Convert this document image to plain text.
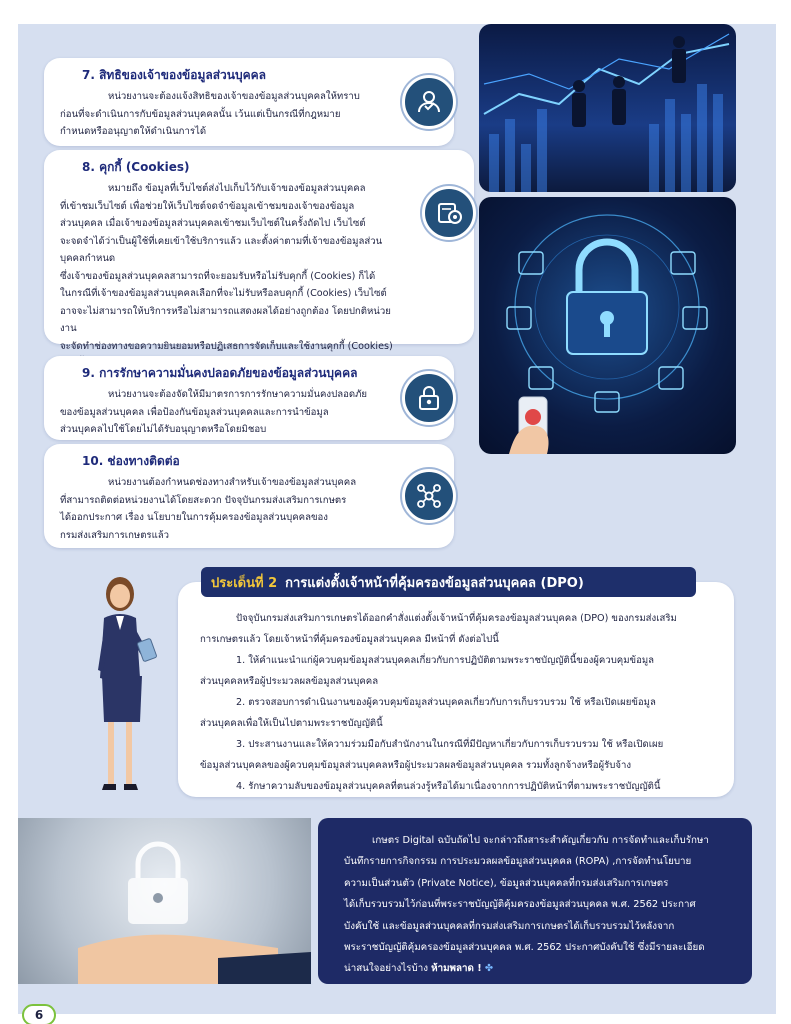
7. สิทธิของเจ้าของข้อมูลส่วนบุคคล
หน่วยงานจะต้องแจ้งสิทธิของเจ้าของข้อมูลส่วนบุคคลให้ทราบ
ก่อนที่จะดำเนินการกับข้อมูลส่วนบุคคลนั้น เว้นแต่เป็นกรณีที่กฎหมาย
กำหนดหรืออนุญาตให้ดำเนินการได้
8. คุกกี้ (Cookies)
หมายถึง ข้อมูลที่เว็บไซต์ส่งไปเก็บไว้กับเจ้าของข้อมูลส่วนบุคคล
ที่เข้าชมเว็บไซต์ เพื่อช่วยให้เว็บไซต์จดจำข้อมูลเข้าชมของเจ้าของข้อมูล
ส่วนบุคคล เมื่อเจ้าของข้อมูลส่วนบุคคลเข้าชมเว็บไซต์ในครั้งถัดไป เว็บไซต์
จะจดจำได้ว่าเป็นผู้ใช้ที่เคยเข้าใช้บริการแล้ว และตั้งค่าตามที่เจ้าของข้อมูลส่วนบุคคลกำหนด
ซึ่งเจ้าของข้อมูลส่วนบุคคลสามารถที่จะยอมรับหรือไม่รับคุกกี้ (Cookies) ก็ได้
ในกรณีที่เจ้าของข้อมูลส่วนบุคคลเลือกที่จะไม่รับหรือลบคุกกี้ (Cookies) เว็บไซต์
อาจจะไม่สามารถให้บริการหรือไม่สามารถแสดงผลได้อย่างถูกต้อง โดยปกติหน่วยงาน
จะจัดทำช่องทางขอความยินยอมหรือปฏิเสธการจัดเก็บและใช้งานคุกกี้ (Cookies)
9. การรักษาความมั่นคงปลอดภัยของข้อมูลส่วนบุคคล
หน่วยงานจะต้องจัดให้มีมาตรการการรักษาความมั่นคงปลอดภัย
ของข้อมูลส่วนบุคคล เพื่อป้องกันข้อมูลส่วนบุคคลและการนำข้อมูล
ส่วนบุคคลไปใช้โดยไม่ได้รับอนุญาตหรือโดยมิชอบ
10. ช่องทางติดต่อ
หน่วยงานต้องกำหนดช่องทางสำหรับเจ้าของข้อมูลส่วนบุคคล
ที่สามารถติดต่อหน่วยงานได้โดยสะดวก ปัจจุบันกรมส่งเสริมการเกษตร
ได้ออกประกาศ เรื่อง นโยบายในการคุ้มครองข้อมูลส่วนบุคคลของ
กรมส่งเสริมการเกษตรแล้ว

ปัจจุบันกรมส่งเสริมการเกษตรได้ออกคำสั่งแต่งตั้งเจ้าหน้าที่คุ้มครองข้อมูลส่วนบุคคล (DPO) ของกรมส่งเสริม

การเกษตรแล้ว โดยเจ้าหน้าที่คุ้มครองข้อมูลส่วนบุคคล มีหน้าที่ ดังต่อไปนี้

1. ให้คำแนะนำแก่ผู้ควบคุมข้อมูลส่วนบุคคลเกี่ยวกับการปฏิบัติตามพระราชบัญญัตินี้ของผู้ควบคุมข้อมูล

ส่วนบุคคลหรือผู้ประมวลผลข้อมูลส่วนบุคคล

2. ตรวจสอบการดำเนินงานของผู้ควบคุมข้อมูลส่วนบุคคลเกี่ยวกับการเก็บรวบรวม ใช้ หรือเปิดเผยข้อมูล

ส่วนบุคคลเพื่อให้เป็นไปตามพระราชบัญญัตินี้

3. ประสานงานและให้ความร่วมมือกับสำนักงานในกรณีที่มีปัญหาเกี่ยวกับการเก็บรวบรวม ใช้ หรือเปิดเผย

ข้อมูลส่วนบุคคลของผู้ควบคุมข้อมูลส่วนบุคคลหรือผู้ประมวลผลข้อมูลส่วนบุคคล รวมทั้งลูกจ้างหรือผู้รับจ้าง

4. รักษาความลับของข้อมูลส่วนบุคคลที่ตนล่วงรู้หรือได้มาเนื่องจากการปฏิบัติหน้าที่ตามพระราชบัญญัตินี้

ประเด็นที่ 2 การแต่งตั้งเจ้าหน้าที่คุ้มครองข้อมูลส่วนบุคคล (DPO)

เกษตร Digital ฉบับถัดไป จะกล่าวถึงสาระสำคัญเกี่ยวกับ การจัดทำและเก็บรักษา

บันทึกรายการกิจกรรม การประมวลผลข้อมูลส่วนบุคคล (ROPA) ,การจัดทำนโยบาย

ความเป็นส่วนตัว (Private Notice), ข้อมูลส่วนบุคคลที่กรมส่งเสริมการเกษตร

ได้เก็บรวบรวมไว้ก่อนที่พระราชบัญญัติคุ้มครองข้อมูลส่วนบุคคล พ.ศ. 2562 ประกาศ

บังคับใช้ และข้อมูลส่วนบุคคลที่กรมส่งเสริมการเกษตรได้เก็บรวบรวมไว้หลังจาก

พระราชบัญญัติคุ้มครองข้อมูลส่วนบุคคล พ.ศ. 2562 ประกาศบังคับใช้ ซึ่งมีรายละเอียด

น่าสนใจอย่างไรบ้าง ห้ามพลาด ! ✤

6
